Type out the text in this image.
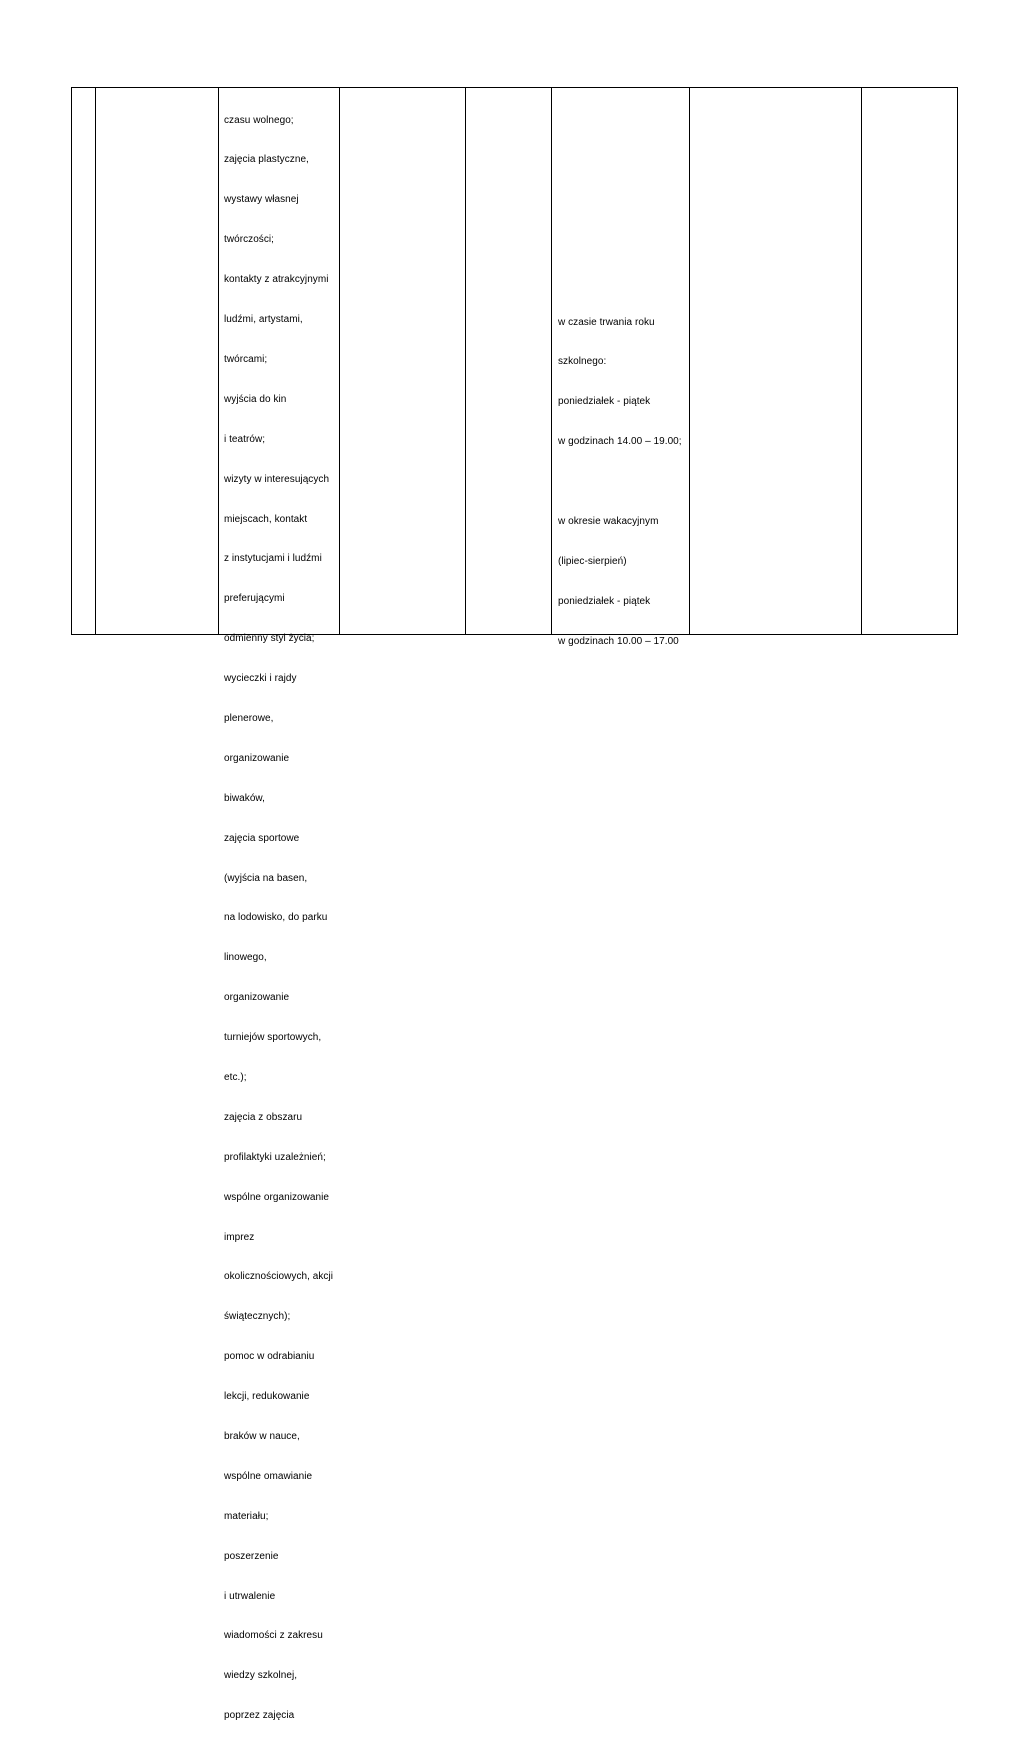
czasu wolnego;

zajęcia plastyczne,

wystawy własnej

twórczości;

kontakty z atrakcyjnymi

ludźmi, artystami,

twórcami;

wyjścia do kin

i teatrów;

wizyty w interesujących

miejscach, kontakt

z instytucjami i ludźmi

preferującymi

odmienny styl życia;

wycieczki i rajdy

plenerowe,

organizowanie

biwaków,

zajęcia sportowe

(wyjścia na basen,

na lodowisko, do parku

linowego,

organizowanie

turniejów sportowych,

etc.);

zajęcia z obszaru

profilaktyki uzależnień;

wspólne organizowanie

imprez

okolicznościowych, akcji

świątecznych);

pomoc w odrabianiu

lekcji, redukowanie

braków w nauce,

wspólne omawianie

materiału;

poszerzenie

i utrwalenie

wiadomości z zakresu

wiedzy szkolnej,

poprzez zajęcia

w czasie trwania roku

szkolnego:

poniedziałek - piątek

w godzinach 14.00 – 19.00;

w okresie wakacyjnym

(lipiec-sierpień)

poniedziałek - piątek

w godzinach 10.00 – 17.00
